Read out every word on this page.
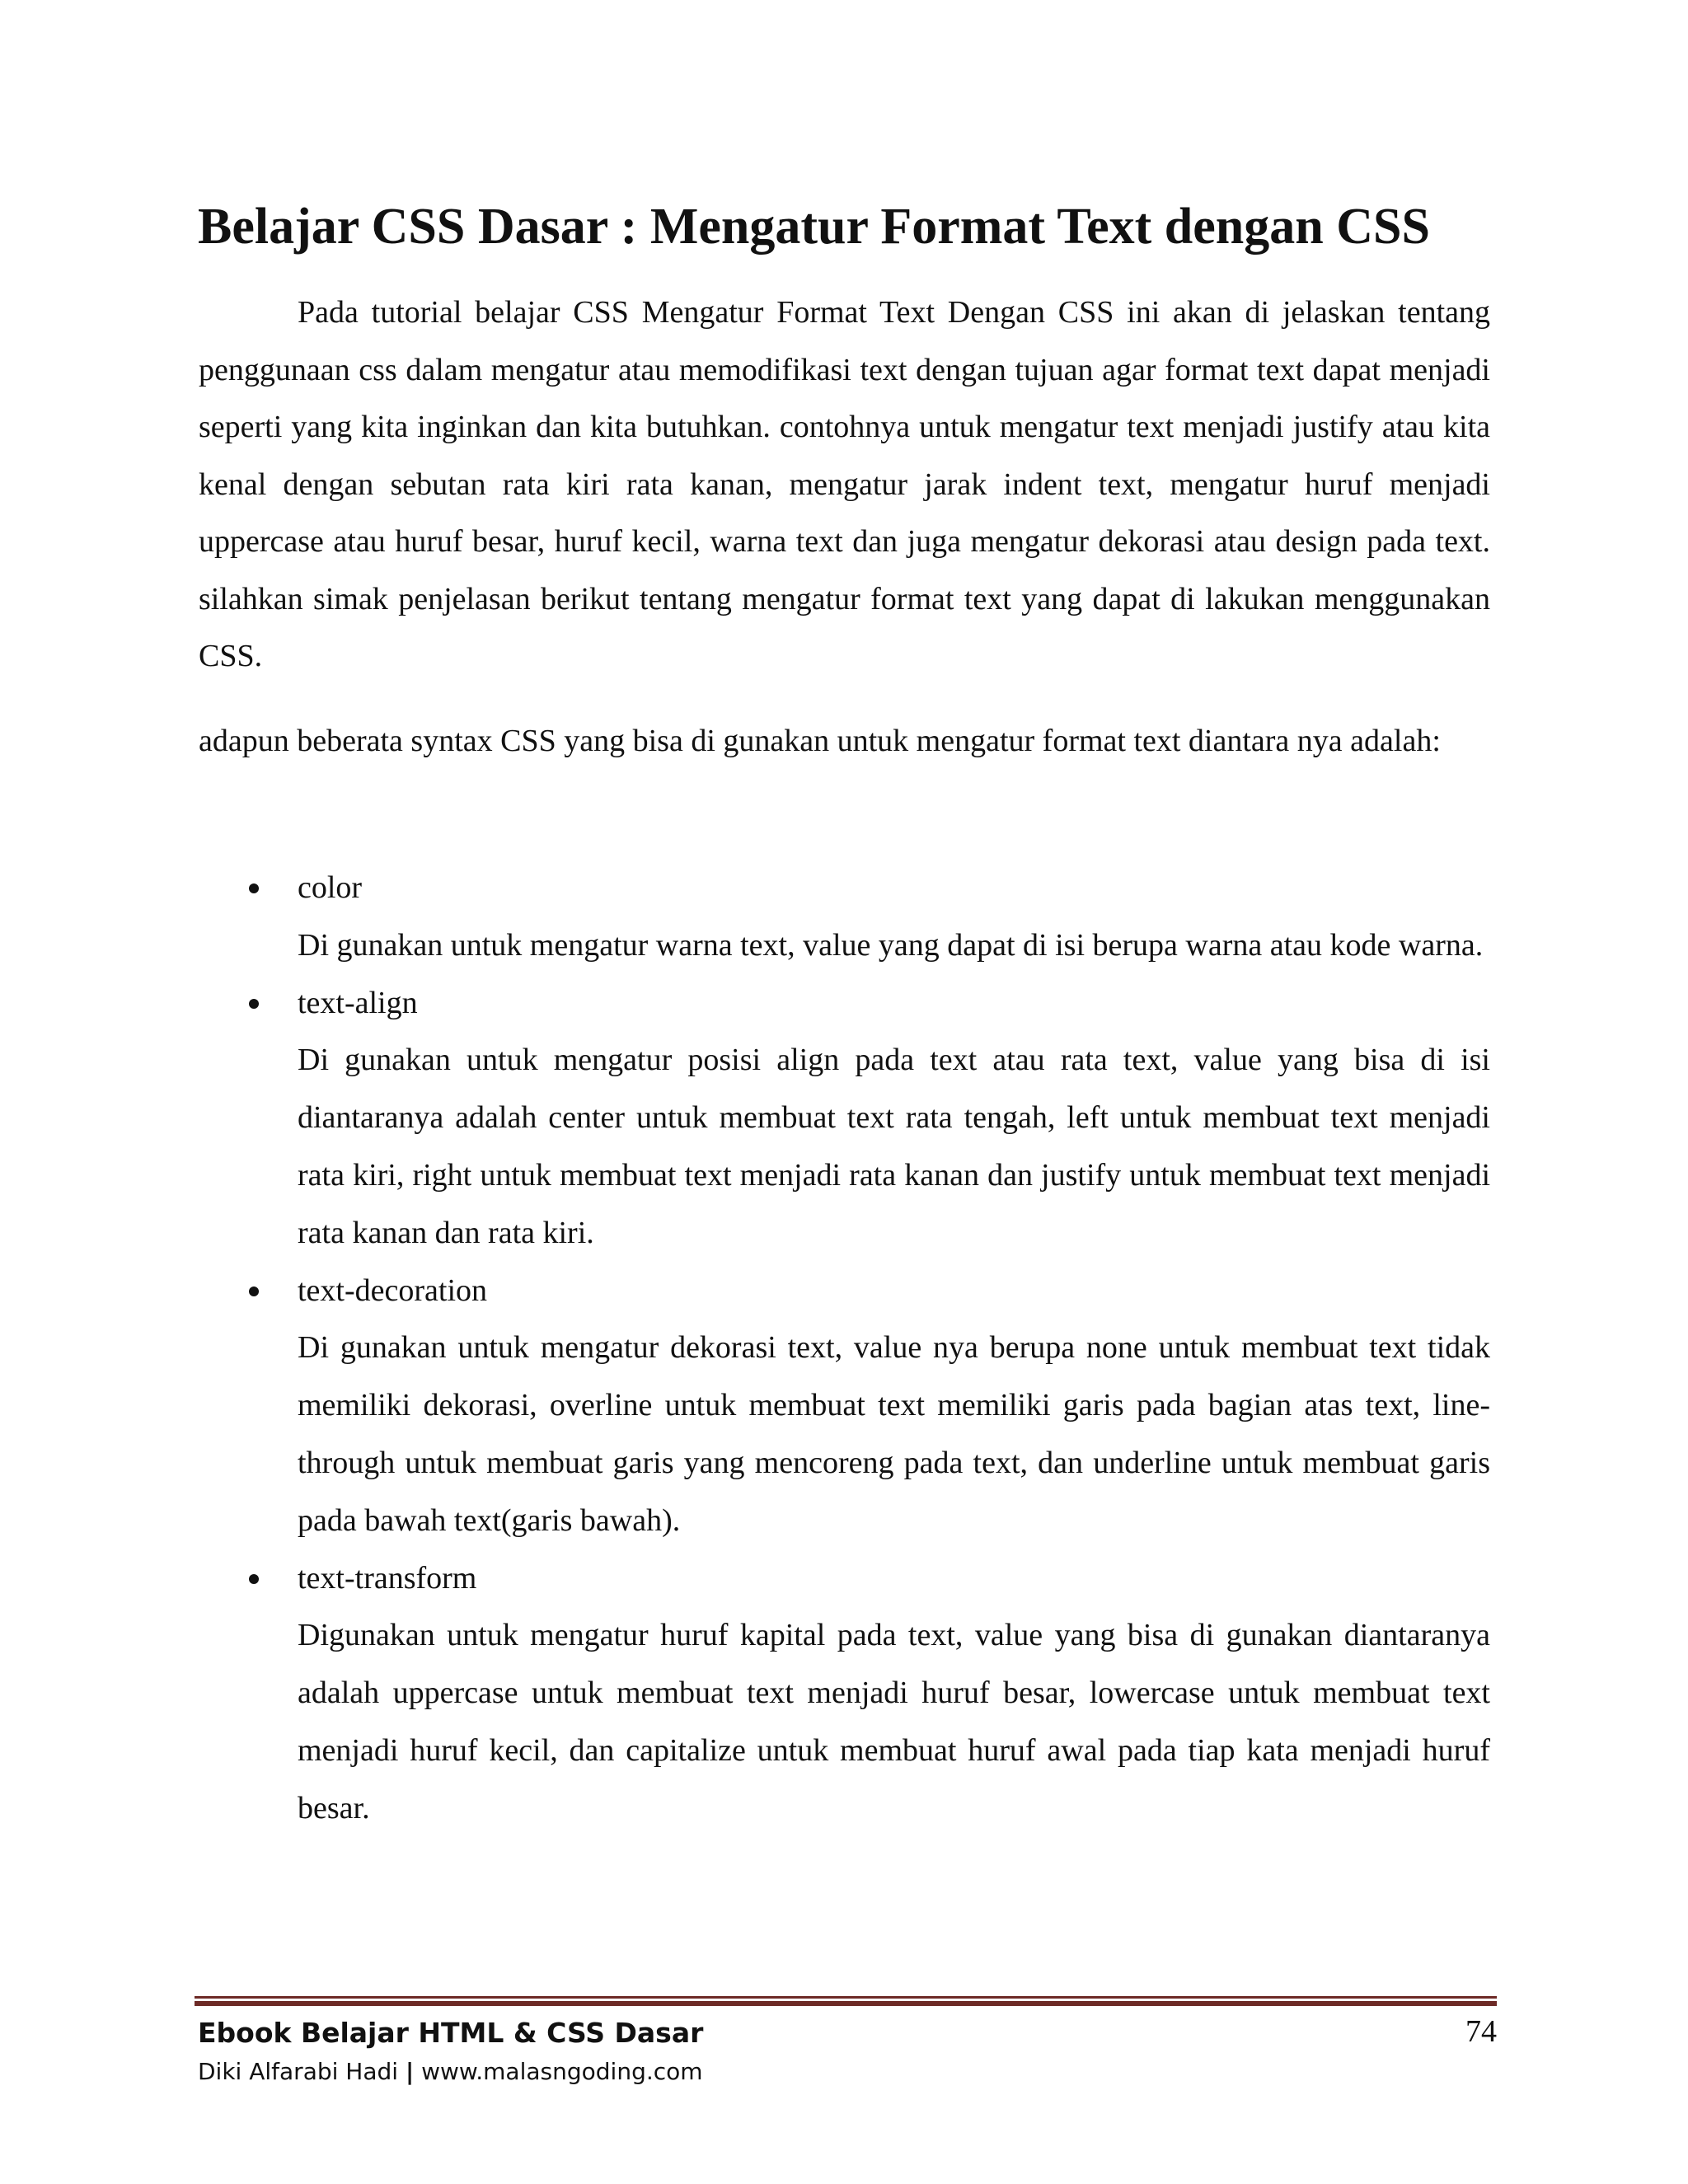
Belajar CSS Dasar : Mengatur Format Text dengan CSS

Pada tutorial belajar CSS Mengatur Format Text Dengan CSS ini akan di jelaskan tentang penggunaan css dalam mengatur atau memodifikasi text dengan tujuan agar format text dapat menjadi seperti yang kita inginkan dan kita butuhkan. contohnya untuk mengatur text menjadi justify atau kita kenal dengan sebutan rata kiri rata kanan, mengatur jarak indent text, mengatur huruf menjadi uppercase atau huruf besar, huruf kecil, warna text dan juga mengatur dekorasi atau design pada text. silahkan simak penjelasan berikut tentang mengatur format text yang dapat di lakukan menggunakan CSS.

adapun beberata syntax CSS yang bisa di gunakan untuk mengatur format text diantara nya adalah:

color
Di gunakan untuk mengatur warna text, value yang dapat di isi berupa warna atau kode warna.
text-align
Di gunakan untuk mengatur posisi align pada text atau rata text, value yang bisa di isi diantaranya adalah center untuk membuat text rata tengah, left untuk membuat text menjadi rata kiri, right untuk membuat text menjadi rata kanan dan justify untuk membuat text menjadi rata kanan dan rata kiri.
text-decoration
Di gunakan untuk mengatur dekorasi text, value nya berupa none untuk membuat text tidak memiliki dekorasi, overline untuk membuat text memiliki garis pada bagian atas text, line-through untuk membuat garis yang mencoreng pada text, dan underline untuk membuat garis pada bawah text(garis bawah).
text-transform
Digunakan untuk mengatur huruf kapital pada text, value yang bisa di gunakan diantaranya adalah uppercase untuk membuat text menjadi huruf besar, lowercase untuk membuat text menjadi huruf kecil, dan capitalize untuk membuat huruf awal pada tiap kata menjadi huruf besar.
Ebook Belajar HTML & CSS Dasar	74
Diki Alfarabi Hadi | www.malasngoding.com
